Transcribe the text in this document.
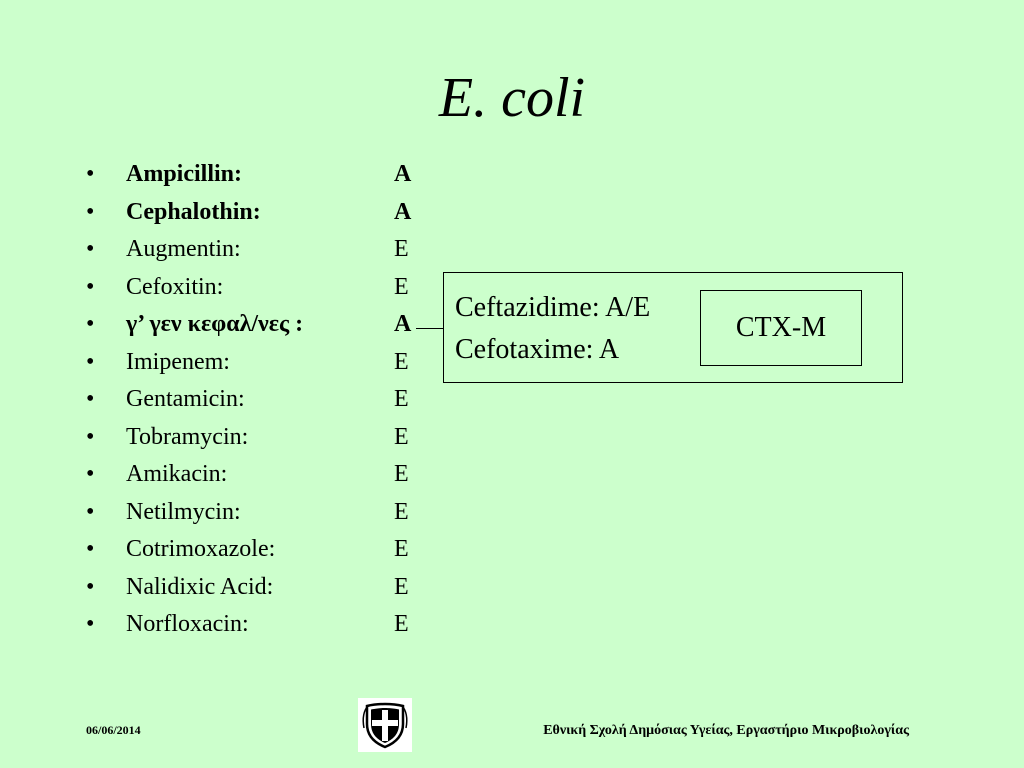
E. coli
• Ampicillin:	A
• Cephalothin:	A
• Augmentin:	E
• Cefoxitin:	E
• γ’ γεν κεφαλ/νες :	A
• Imipenem:	E
• Gentamicin:	E
• Tobramycin:	E
• Amikacin:	E
• Netilmycin:	E
• Cotrimoxazole:	E
• Nalidixic Acid:	E
• Norfloxacin:	E
Ceftazidime: A/E
Cefotaxime: A
CTX-M
06/06/2014	Εθνική Σχολή Δημόσιας Υγείας, Εργαστήριο Μικροβιολογίας
